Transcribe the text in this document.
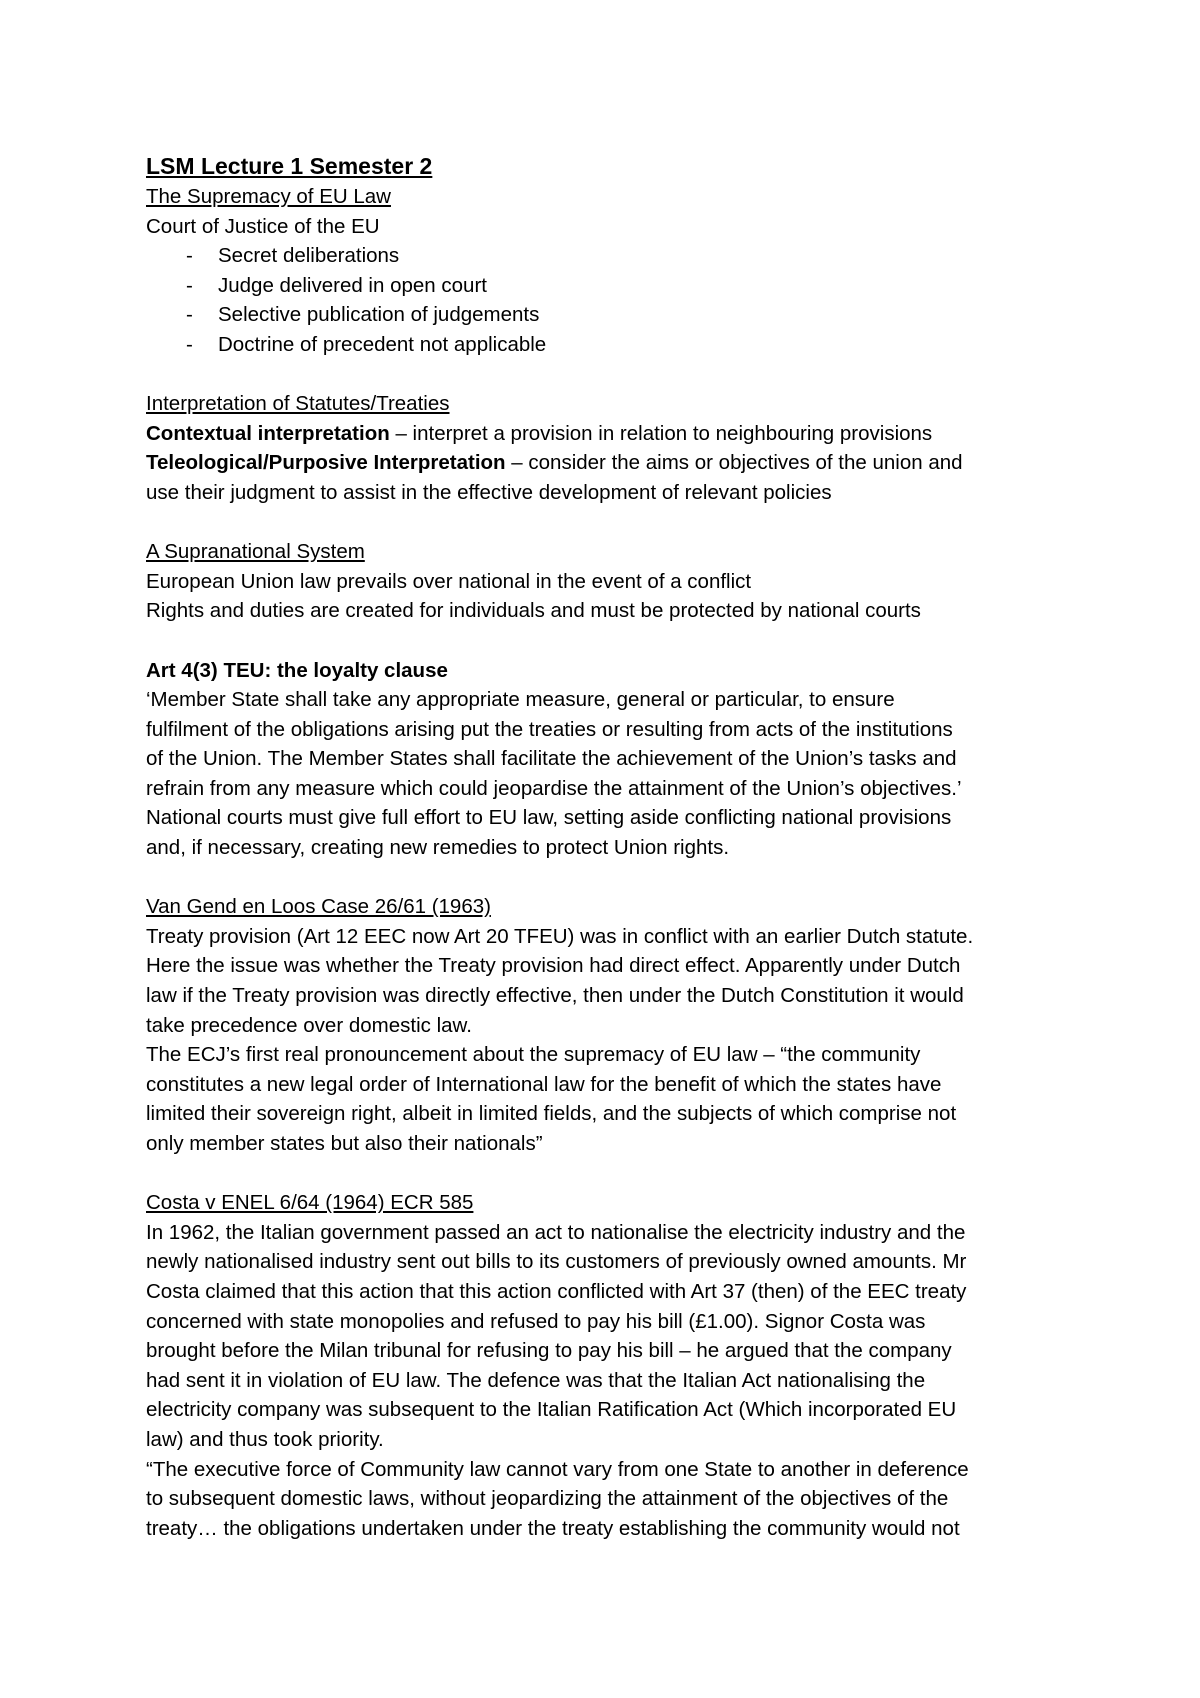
LSM Lecture 1 Semester 2
The Supremacy of EU Law
Court of Justice of the EU
- Secret deliberations
- Judge delivered in open court
- Selective publication of judgements
- Doctrine of precedent not applicable
Interpretation of Statutes/Treaties
Contextual interpretation – interpret a provision in relation to neighbouring provisions
Teleological/Purposive Interpretation – consider the aims or objectives of the union and
use their judgment to assist in the effective development of relevant policies
A Supranational System
European Union law prevails over national in the event of a conflict
Rights and duties are created for individuals and must be protected by national courts
Art 4(3) TEU: the loyalty clause
‘Member State shall take any appropriate measure, general or particular, to ensure
fulfilment of the obligations arising put the treaties or resulting from acts of the institutions
of the Union. The Member States shall facilitate the achievement of the Union’s tasks and
refrain from any measure which could jeopardise the attainment of the Union’s objectives.’
National courts must give full effort to EU law, setting aside conflicting national provisions
and, if necessary, creating new remedies to protect Union rights.
Van Gend en Loos Case 26/61 (1963)
Treaty provision (Art 12 EEC now Art 20 TFEU) was in conflict with an earlier Dutch statute.
Here the issue was whether the Treaty provision had direct effect. Apparently under Dutch
law if the Treaty provision was directly effective, then under the Dutch Constitution it would
take precedence over domestic law.
The ECJ’s first real pronouncement about the supremacy of EU law – “the community
constitutes a new legal order of International law for the benefit of which the states have
limited their sovereign right, albeit in limited fields, and the subjects of which comprise not
only member states but also their nationals”
Costa v ENEL 6/64 (1964) ECR 585
In 1962, the Italian government passed an act to nationalise the electricity industry and the
newly nationalised industry sent out bills to its customers of previously owned amounts. Mr
Costa claimed that this action that this action conflicted with Art 37 (then) of the EEC treaty
concerned with state monopolies and refused to pay his bill (£1.00). Signor Costa was
brought before the Milan tribunal for refusing to pay his bill – he argued that the company
had sent it in violation of EU law. The defence was that the Italian Act nationalising the
electricity company was subsequent to the Italian Ratification Act (Which incorporated EU
law) and thus took priority.
“The executive force of Community law cannot vary from one State to another in deference
to subsequent domestic laws, without jeopardizing the attainment of the objectives of the
treaty… the obligations undertaken under the treaty establishing the community would not
